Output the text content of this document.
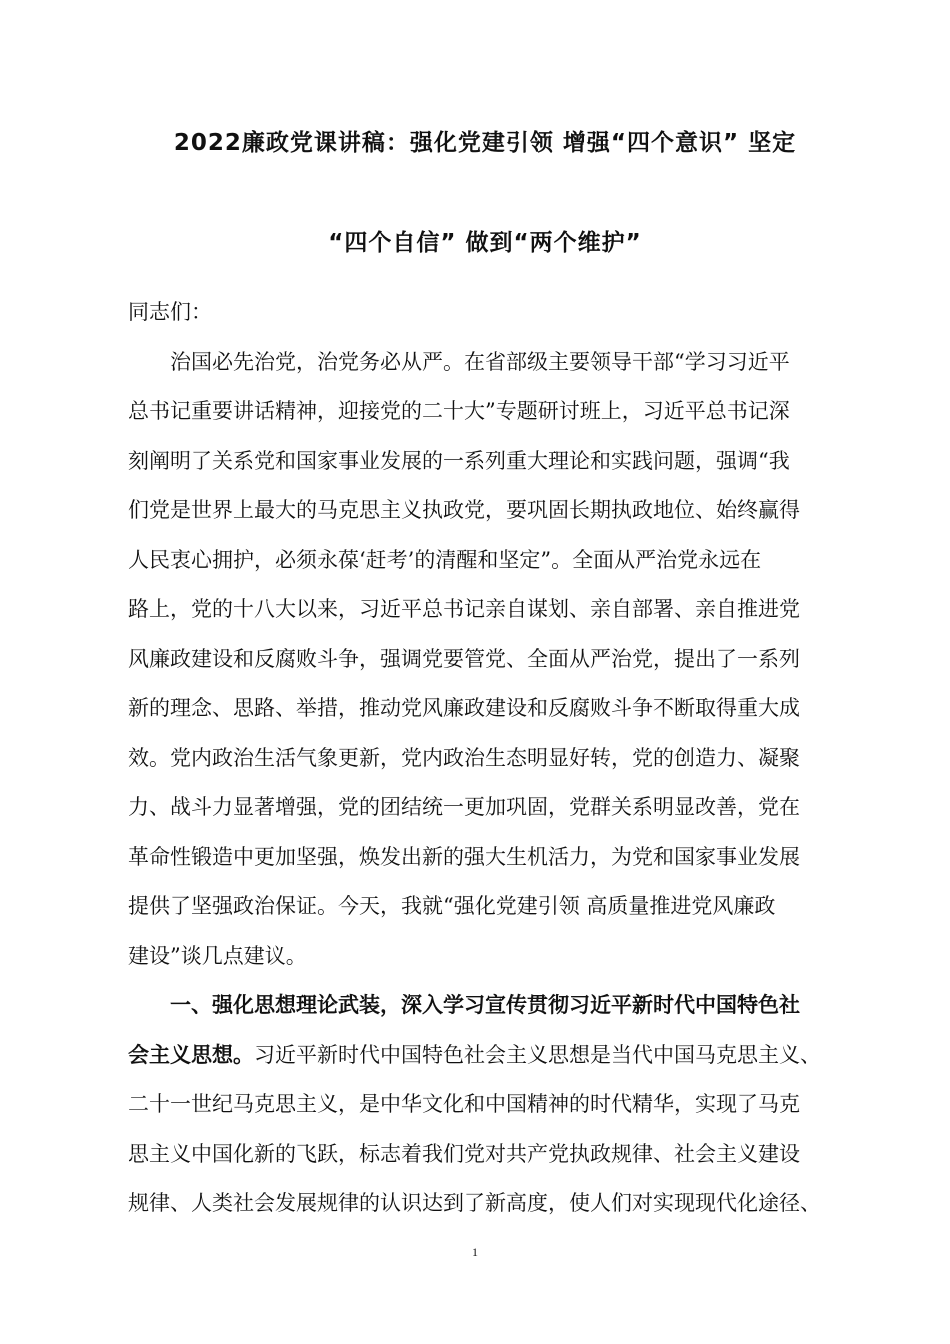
2022廉政党课讲稿：强化党建引领 增强“四个意识” 坚定
“四个自信” 做到“两个维护”
同志们：
治国必先治党，治党务必从严。在省部级主要领导干部“学习习近平
总书记重要讲话精神，迎接党的二十大”专题研讨班上，习近平总书记深
刻阐明了关系党和国家事业发展的一系列重大理论和实践问题，强调“我
们党是世界上最大的马克思主义执政党，要巩固长期执政地位、始终赢得
人民衷心拥护，必须永葆‘赶考’的清醒和坚定”。全面从严治党永远在
路上，党的十八大以来，习近平总书记亲自谋划、亲自部署、亲自推进党
风廉政建设和反腐败斗争，强调党要管党、全面从严治党，提出了一系列
新的理念、思路、举措，推动党风廉政建设和反腐败斗争不断取得重大成
效。党内政治生活气象更新，党内政治生态明显好转，党的创造力、凝聚
力、战斗力显著增强，党的团结统一更加巩固，党群关系明显改善，党在
革命性锻造中更加坚强，焕发出新的强大生机活力，为党和国家事业发展
提供了坚强政治保证。今天，我就“强化党建引领 高质量推进党风廉政
建设”谈几点建议。
一、强化思想理论武装，深入学习宣传贯彻习近平新时代中国特色社
会主义思想。习近平新时代中国特色社会主义思想是当代中国马克思主义、
二十一世纪马克思主义，是中华文化和中国精神的时代精华，实现了马克
思主义中国化新的飞跃，标志着我们党对共产党执政规律、社会主义建设
规律、人类社会发展规律的认识达到了新高度，使人们对实现现代化途径、
1
